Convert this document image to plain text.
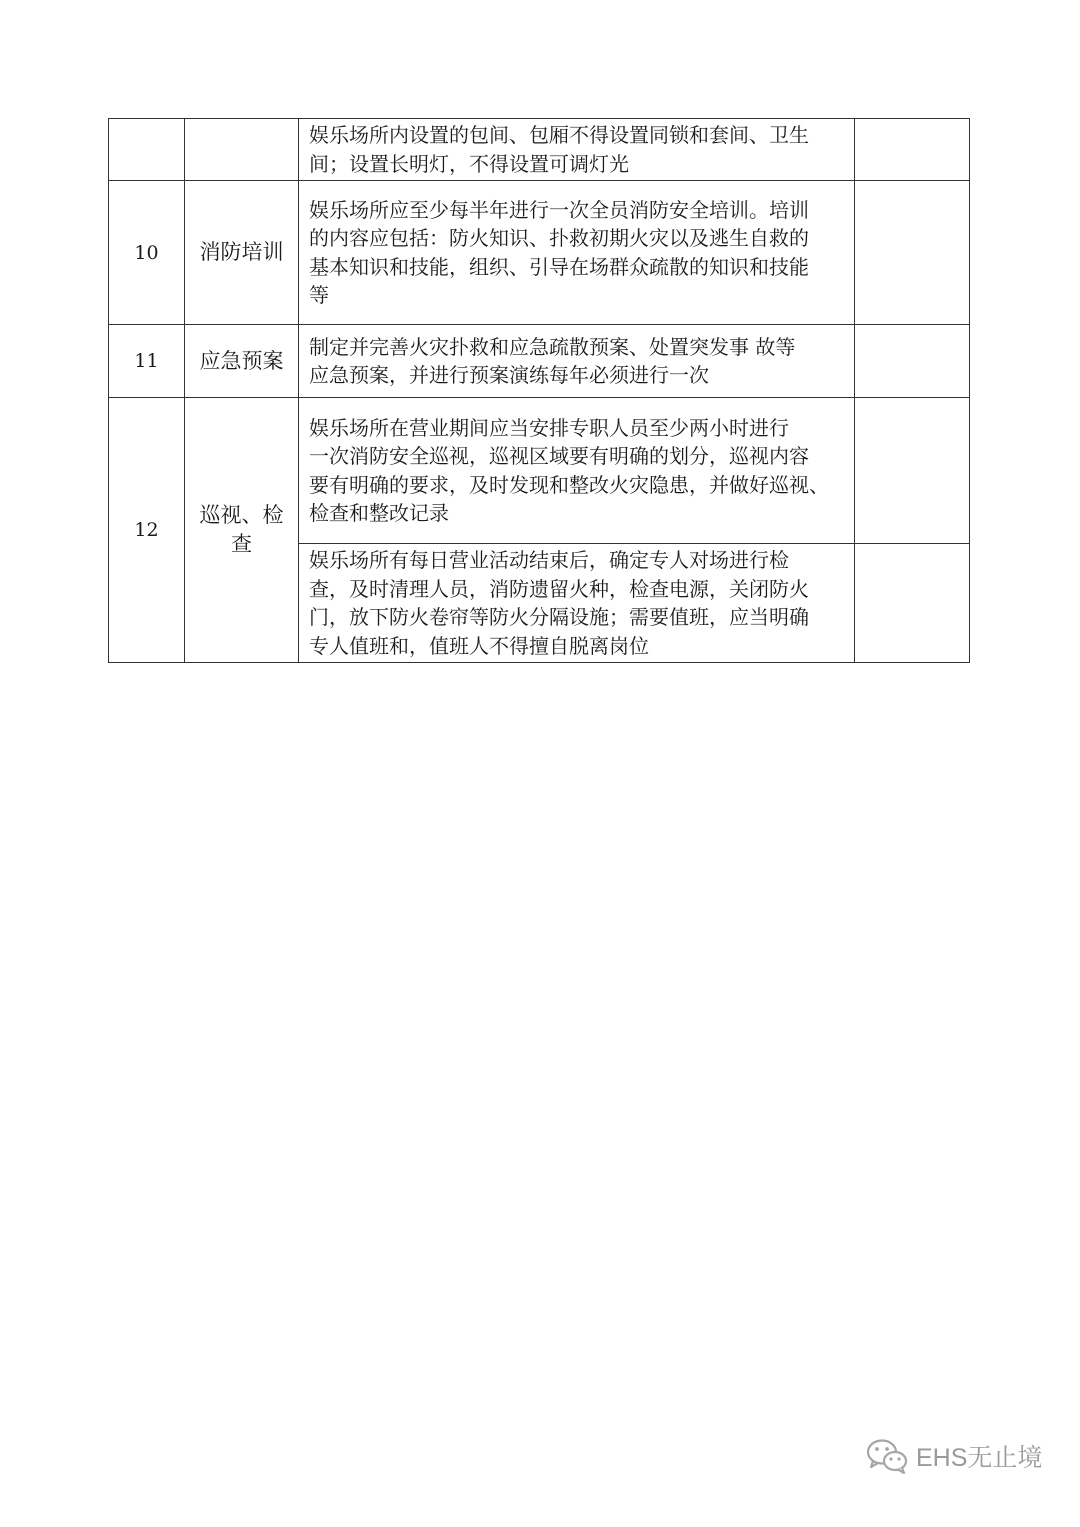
		娱乐场所内设置的包间、包厢不得设置同锁和套间、卫生
间；设置长明灯，不得设置可调灯光	

10	消防培训	娱乐场所应至少每半年进行一次全员消防安全培训。培训
的内容应包括：防火知识、扑救初期火灾以及逃生自救的
基本知识和技能，组织、引导在场群众疏散的知识和技能
等	

11	应急预案	制定并完善火灾扑救和应急疏散预案、处置突发事 故等
应急预案，并进行预案演练每年必须进行一次	

12	巡视、检查	娱乐场所在营业期间应当安排专职人员至少两小时进行
一次消防安全巡视，巡视区域要有明确的划分，巡视内容
要有明确的要求，及时发现和整改火灾隐患，并做好巡视、
检查和整改记录	

		娱乐场所有每日营业活动结束后，确定专人对场进行检
查，及时清理人员，消防遗留火种，检查电源，关闭防火
门，放下防火卷帘等防火分隔设施；需要值班，应当明确
专人值班和，值班人不得擅自脱离岗位	

EHS无止境
